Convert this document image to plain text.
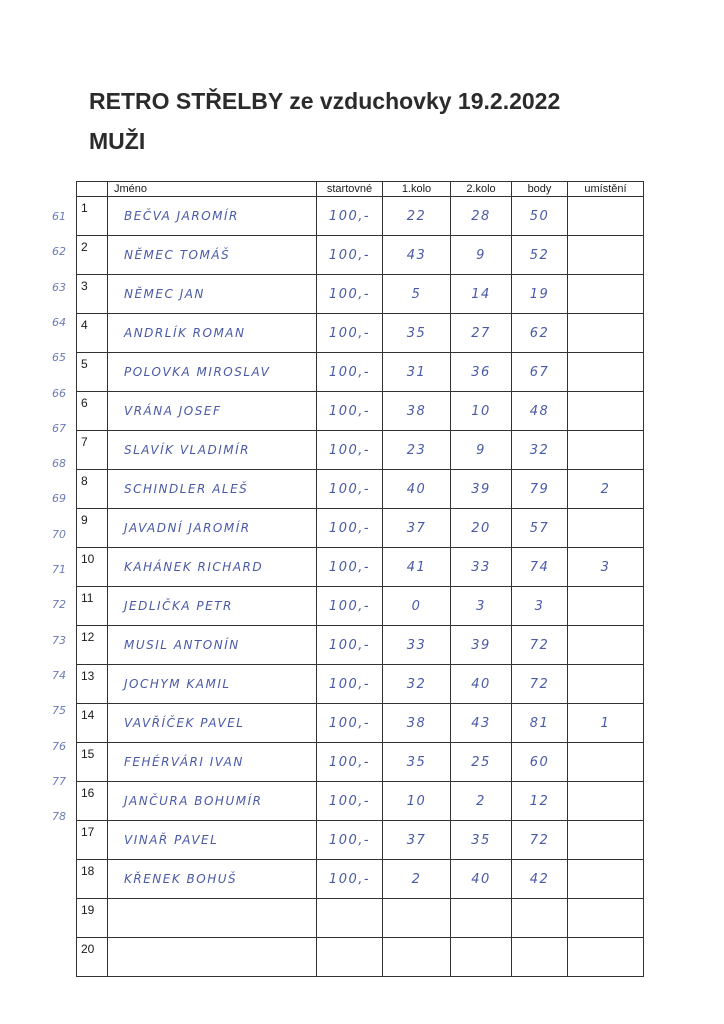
RETRO STŘELBY ze vzduchovky 19.2.2022
MUŽI
61
62
63
64
65
66
67
68
69
70
71
72
73
74
75
76
77
78
	Jméno	startovné	1.kolo	2.kolo	body	umístění
1	BEČVA JAROMÍR	100,-	22	28	50	
2	NĚMEC TOMÁŠ	100,-	43	9	52	
3	NĚMEC JAN	100,-	5	14	19	
4	ANDRLÍK ROMAN	100,-	35	27	62	
5	POLOVKA MIROSLAV	100,-	31	36	67	
6	VRÁNA JOSEF	100,-	38	10	48	
7	SLAVÍK VLADIMÍR	100,-	23	9	32	
8	SCHINDLER ALEŠ	100,-	40	39	79	2
9	JAVADNÍ JAROMÍR	100,-	37	20	57	
10	KAHÁNEK RICHARD	100,-	41	33	74	3
11	JEDLIČKA PETR	100,-	0	3	3	
12	MUSIL ANTONÍN	100,-	33	39	72	
13	JOCHYM KAMIL	100,-	32	40	72	
14	VAVŘÍČEK PAVEL	100,-	38	43	81	1
15	FEHÉRVÁRI IVAN	100,-	35	25	60	
16	JANČURA BOHUMÍR	100,-	10	2	12	
17	VINAŘ PAVEL	100,-	37	35	72	
18	KŘENEK BOHUŠ	100,-	2	40	42	
19						
20						
